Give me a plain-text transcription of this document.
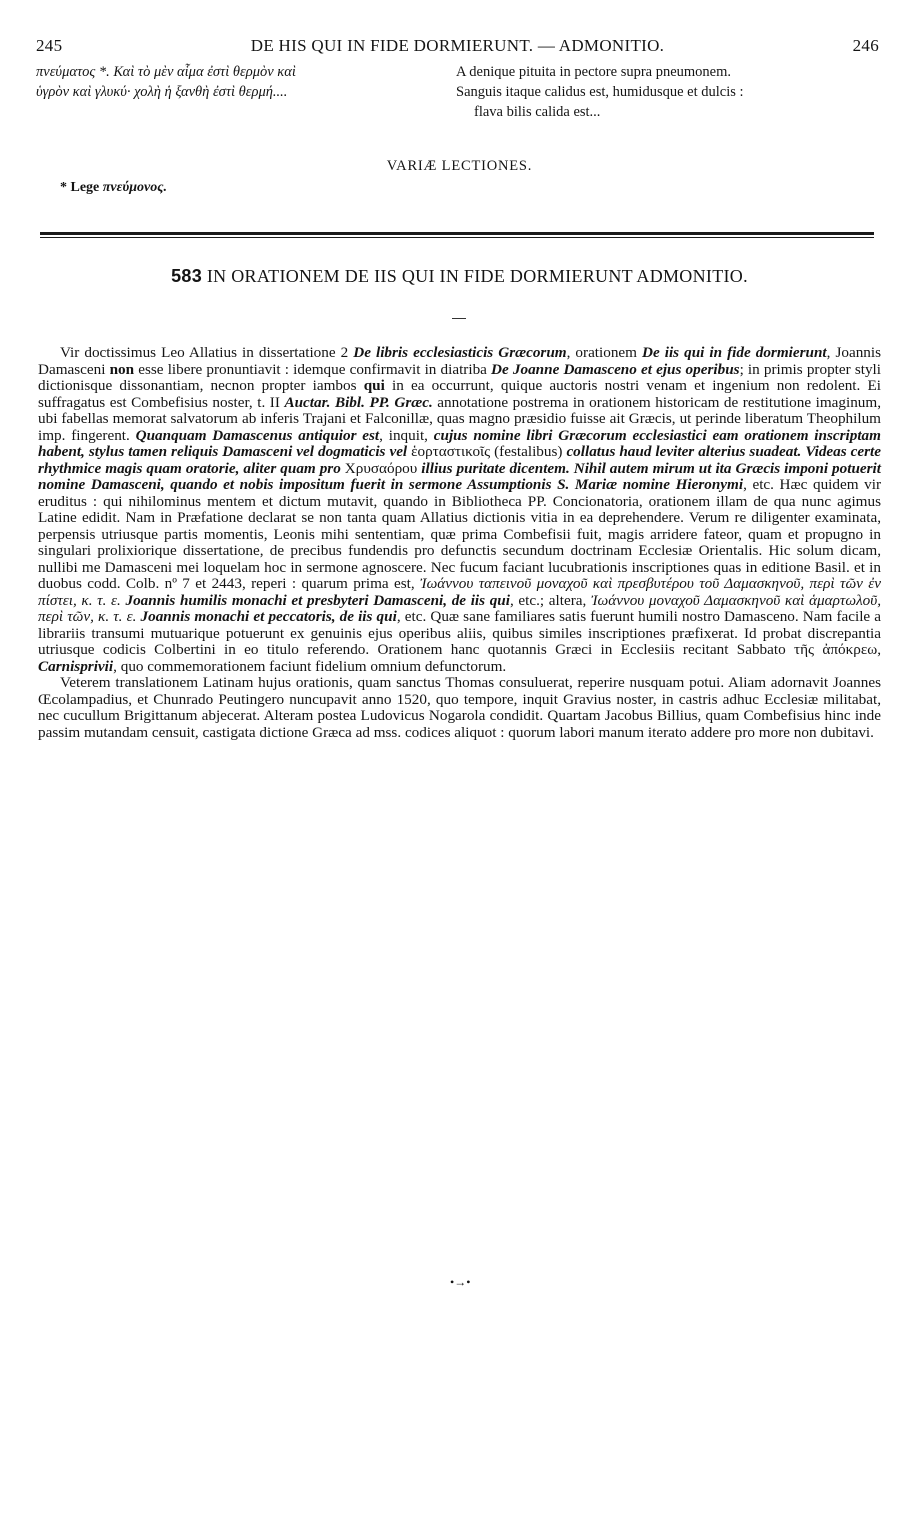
245	DE HIS QUI IN FIDE DORMIERUNT. — ADMONITIO.	246
πνεύματος *. Καὶ τὸ μὲν αἷμα ἐστὶ θερμὸν καὶ
ὑγρὸν καὶ γλυκύ· χολὴ ἡ ξανθὴ ἐστὶ θερμή....
A denique pituita in pectore supra pneumonem.
Sanguis itaque calidus est, humidusque et dulcis :
flava bilis calida est...
VARIÆ LECTIONES.
* Lege πνεύμονος.
583 IN ORATIONEM DE IIS QUI IN FIDE DORMIERUNT ADMONITIO.

Vir doctissimus Leo Allatius in dissertatione 2 De libris ecclesiasticis Græcorum, orationem De iis qui in fide dormierunt, Joannis Damasceni non esse libere pronuntiavit : idemque confirmavit in diatriba De Joanne Damasceno et ejus operibus; in primis propter styli dictionisque dissonantiam, necnon propter iambos qui in ea occurrunt, quique auctoris nostri venam et ingenium non redolent. Ei suffragatus est Combefisius noster, t. II Auctar. Bibl. PP. Græc. annotatione postrema in orationem historicam de restitutione imaginum, ubi fabellas memorat salvatorum ab inferis Trajani et Falconillæ, quas magno præsidio fuisse ait Græcis, ut perinde liberatum Theophilum imp. fingerent. Quanquam Damascenus antiquior est, inquit, cujus nomine libri Græcorum ecclesiastici eam orationem inscriptam habent, stylus tamen reliquis Damasceni vel dogmaticis vel ἑορταστικοῖς (festalibus) collatus haud leviter alterius suadeat. Videas certe rhythmice magis quam oratorie, aliter quam pro Χρυσαόρου illius puritate dicentem. Nihil autem mirum ut ita Græcis imponi potuerit nomine Damasceni, quando et nobis impositum fuerit in sermone Assumptionis S. Mariæ nomine Hieronymi, etc. Hæc quidem vir eruditus : qui nihilominus mentem et dictum mutavit, quando in Bibliotheca PP. Concionatoria, orationem illam de qua nunc agimus Latine edidit. Nam in Præfatione declarat se non tanta quam Allatius dictionis vitia in ea deprehendere. Verum re diligenter examinata, perpensis utriusque partis momentis, Leonis mihi sententiam, quæ prima Combefisii fuit, magis arridere fateor, quam et propugno in singulari prolixiorique dissertatione, de precibus fundendis pro defunctis secundum doctrinam Ecclesiæ Orientalis. Hic solum dicam, nullibi me Damasceni mei loquelam hoc in sermone agnoscere. Nec fucum faciant lucubrationis inscriptiones quas in editione Basil. et in duobus codd. Colb. nº 7 et 2443, reperi : quarum prima est, Ἰωάννου ταπεινοῦ μοναχοῦ καὶ πρεσβυτέρου τοῦ Δαμασκηνοῦ, περὶ τῶν ἐν πίστει, κ. τ. ε. Joannis humilis monachi et presbyteri Damasceni, de iis qui, etc.; altera, Ἰωάννου μοναχοῦ Δαμασκηνοῦ καὶ ἁμαρτωλοῦ, περὶ τῶν, κ. τ. ε. Joannis monachi et peccatoris, de iis qui, etc. Quæ sane familiares satis fuerunt humili nostro Damasceno. Nam facile a librariis transumi mutuarique potuerunt ex genuinis ejus operibus aliis, quibus similes inscriptiones præfixerat. Id probat discrepantia utriusque codicis Colbertini in eo titulo referendo. Orationem hanc quotannis Græci in Ecclesiis recitant Sabbato τῆς ἀπόκρεω, Carnisprivii, quo commemorationem faciunt fidelium omnium defunctorum.

Veterem translationem Latinam hujus orationis, quam sanctus Thomas consuluerat, reperire nusquam potui. Aliam adornavit Joannes Œcolampadius, et Chunrado Peutingero nuncupavit anno 1520, quo tempore, inquit Gravius noster, in castris adhuc Ecclesiæ militabat, nec cucullum Brigittanum abjecerat. Alteram postea Ludovicus Nogarola condidit. Quartam Jacobus Billius, quam Combefisius hinc inde passim mutandam censuit, castigata dictione Græca ad mss. codices aliquot : quorum labori manum iterato addere pro more non dubitavi.

•→•
